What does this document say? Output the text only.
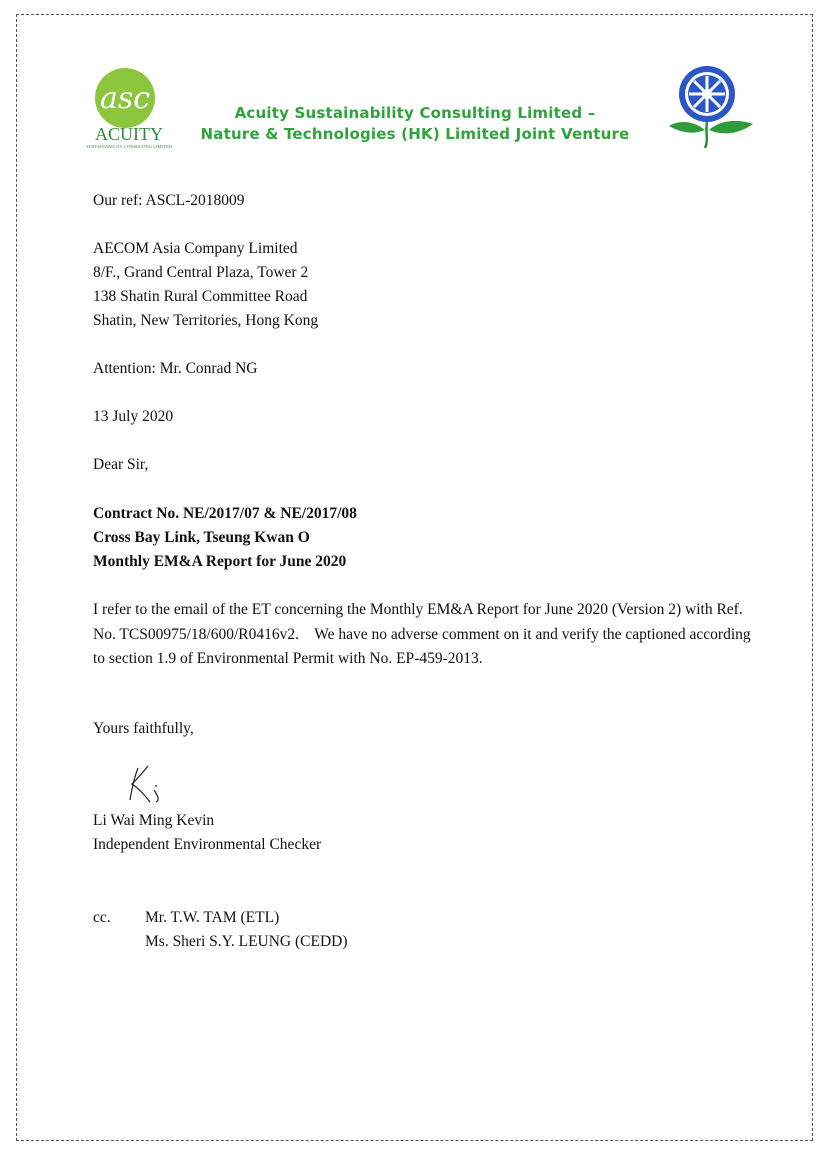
asc
ACUITY
SUSTAINABILITY CONSULTING LIMITED
Acuity Sustainability Consulting Limited –
Nature & Technologies (HK) Limited Joint Venture
Our ref: ASCL-2018009
AECOM Asia Company Limited
8/F., Grand Central Plaza, Tower 2
138 Shatin Rural Committee Road
Shatin, New Territories, Hong Kong
Attention: Mr. Conrad NG
13 July 2020
Dear Sir,
Contract No. NE/2017/07 & NE/2017/08
Cross Bay Link, Tseung Kwan O
Monthly EM&A Report for June 2020
I refer to the email of the ET concerning the Monthly EM&A Report for June 2020 (Version 2) with Ref. No. TCS00975/18/600/R0416v2.    We have no adverse comment on it and verify the captioned according to section 1.9 of Environmental Permit with No. EP-459-2013.
Yours faithfully,
Li Wai Ming Kevin
Independent Environmental Checker
cc. Mr. T.W. TAM (ETL)
Ms. Sheri S.Y. LEUNG (CEDD)
